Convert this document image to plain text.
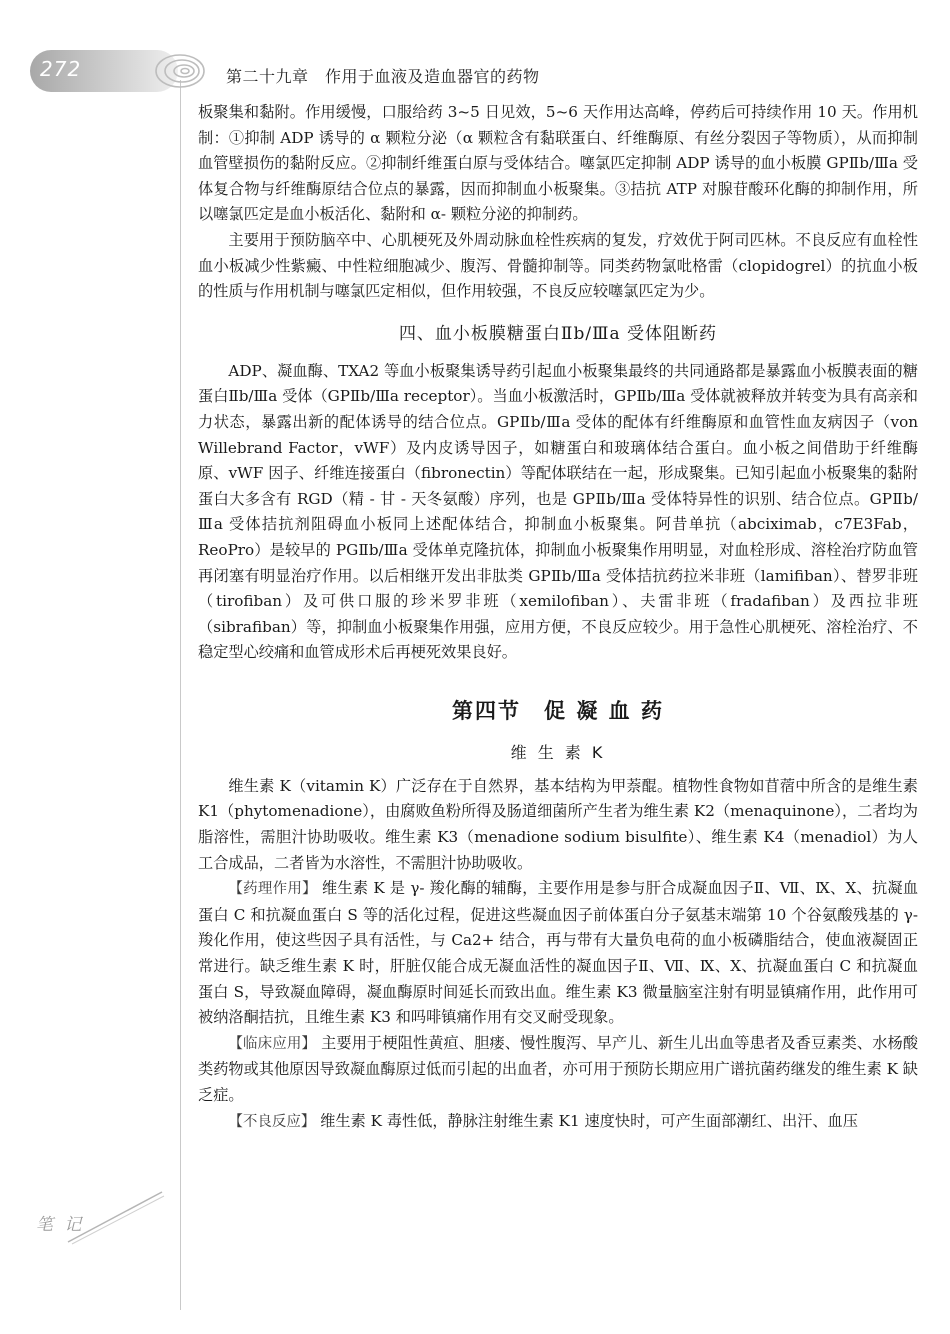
272	第二十九章　作用于血液及造血器官的药物

板聚集和黏附。作用缓慢，口服给药 3~5 日见效，5~6 天作用达高峰，停药后可持续作用 10 天。作用机制：①抑制 ADP 诱导的 α 颗粒分泌（α 颗粒含有黏联蛋白、纤维酶原、有丝分裂因子等物质），从而抑制血管壁损伤的黏附反应。②抑制纤维蛋白原与受体结合。噻氯匹定抑制 ADP 诱导的血小板膜 GPⅡb/Ⅲa 受体复合物与纤维酶原结合位点的暴露，因而抑制血小板聚集。③拮抗 ATP 对腺苷酸环化酶的抑制作用，所以噻氯匹定是血小板活化、黏附和 α- 颗粒分泌的抑制药。

主要用于预防脑卒中、心肌梗死及外周动脉血栓性疾病的复发，疗效优于阿司匹林。不良反应有血栓性血小板减少性紫癜、中性粒细胞减少、腹泻、骨髓抑制等。同类药物氯吡格雷（clopidogrel）的抗血小板的性质与作用机制与噻氯匹定相似，但作用较强，不良反应较噻氯匹定为少。

四、血小板膜糖蛋白Ⅱb/Ⅲa 受体阻断药

ADP、凝血酶、TXA2 等血小板聚集诱导药引起血小板聚集最终的共同通路都是暴露血小板膜表面的糖蛋白Ⅱb/Ⅲa 受体（GPⅡb/Ⅲa receptor）。当血小板激活时，GPⅡb/Ⅲa 受体就被释放并转变为具有高亲和力状态，暴露出新的配体诱导的结合位点。GPⅡb/Ⅲa 受体的配体有纤维酶原和血管性血友病因子（von Willebrand Factor，vWF）及内皮诱导因子，如糖蛋白和玻璃体结合蛋白。血小板之间借助于纤维酶原、vWF 因子、纤维连接蛋白（fibronectin）等配体联结在一起，形成聚集。已知引起血小板聚集的黏附蛋白大多含有 RGD（精 - 甘 - 天冬氨酸）序列，也是 GPⅡb/Ⅲa 受体特异性的识别、结合位点。GPⅡb/Ⅲa 受体拮抗剂阻碍血小板同上述配体结合，抑制血小板聚集。阿昔单抗（abciximab，c7E3Fab，ReoPro）是较早的 PGⅡb/Ⅲa 受体单克隆抗体，抑制血小板聚集作用明显，对血栓形成、溶栓治疗防血管再闭塞有明显治疗作用。以后相继开发出非肽类 GPⅡb/Ⅲa 受体拮抗药拉米非班（lamifiban）、替罗非班（tirofiban）及可供口服的珍米罗非班（xemilofiban）、夫雷非班（fradafiban）及西拉非班（sibrafiban）等，抑制血小板聚集作用强，应用方便，不良反应较少。用于急性心肌梗死、溶栓治疗、不稳定型心绞痛和血管成形术后再梗死效果良好。

第四节　促 凝 血 药
维 生 素 K

维生素 K（vitamin K）广泛存在于自然界，基本结构为甲萘醌。植物性食物如苜蓿中所含的是维生素 K1（phytomenadione），由腐败鱼粉所得及肠道细菌所产生者为维生素 K2（menaquinone），二者均为脂溶性，需胆汁协助吸收。维生素 K3（menadione sodium bisulfite）、维生素 K4（menadiol）为人工合成品，二者皆为水溶性，不需胆汁协助吸收。

【药理作用】 维生素 K 是 γ- 羧化酶的辅酶，主要作用是参与肝合成凝血因子Ⅱ、Ⅶ、Ⅸ、Ⅹ、抗凝血蛋白 C 和抗凝血蛋白 S 等的活化过程，促进这些凝血因子前体蛋白分子氨基末端第 10 个谷氨酸残基的 γ- 羧化作用，使这些因子具有活性，与 Ca2+ 结合，再与带有大量负电荷的血小板磷脂结合，使血液凝固正常进行。缺乏维生素 K 时，肝脏仅能合成无凝血活性的凝血因子Ⅱ、Ⅶ、Ⅸ、Ⅹ、抗凝血蛋白 C 和抗凝血蛋白 S，导致凝血障碍，凝血酶原时间延长而致出血。维生素 K3 微量脑室注射有明显镇痛作用，此作用可被纳洛酮拮抗，且维生素 K3 和吗啡镇痛作用有交叉耐受现象。

【临床应用】 主要用于梗阻性黄疸、胆瘘、慢性腹泻、早产儿、新生儿出血等患者及香豆素类、水杨酸类药物或其他原因导致凝血酶原过低而引起的出血者，亦可用于预防长期应用广谱抗菌药继发的维生素 K 缺乏症。

【不良反应】 维生素 K 毒性低，静脉注射维生素 K1 速度快时，可产生面部潮红、出汗、血压

笔 记
